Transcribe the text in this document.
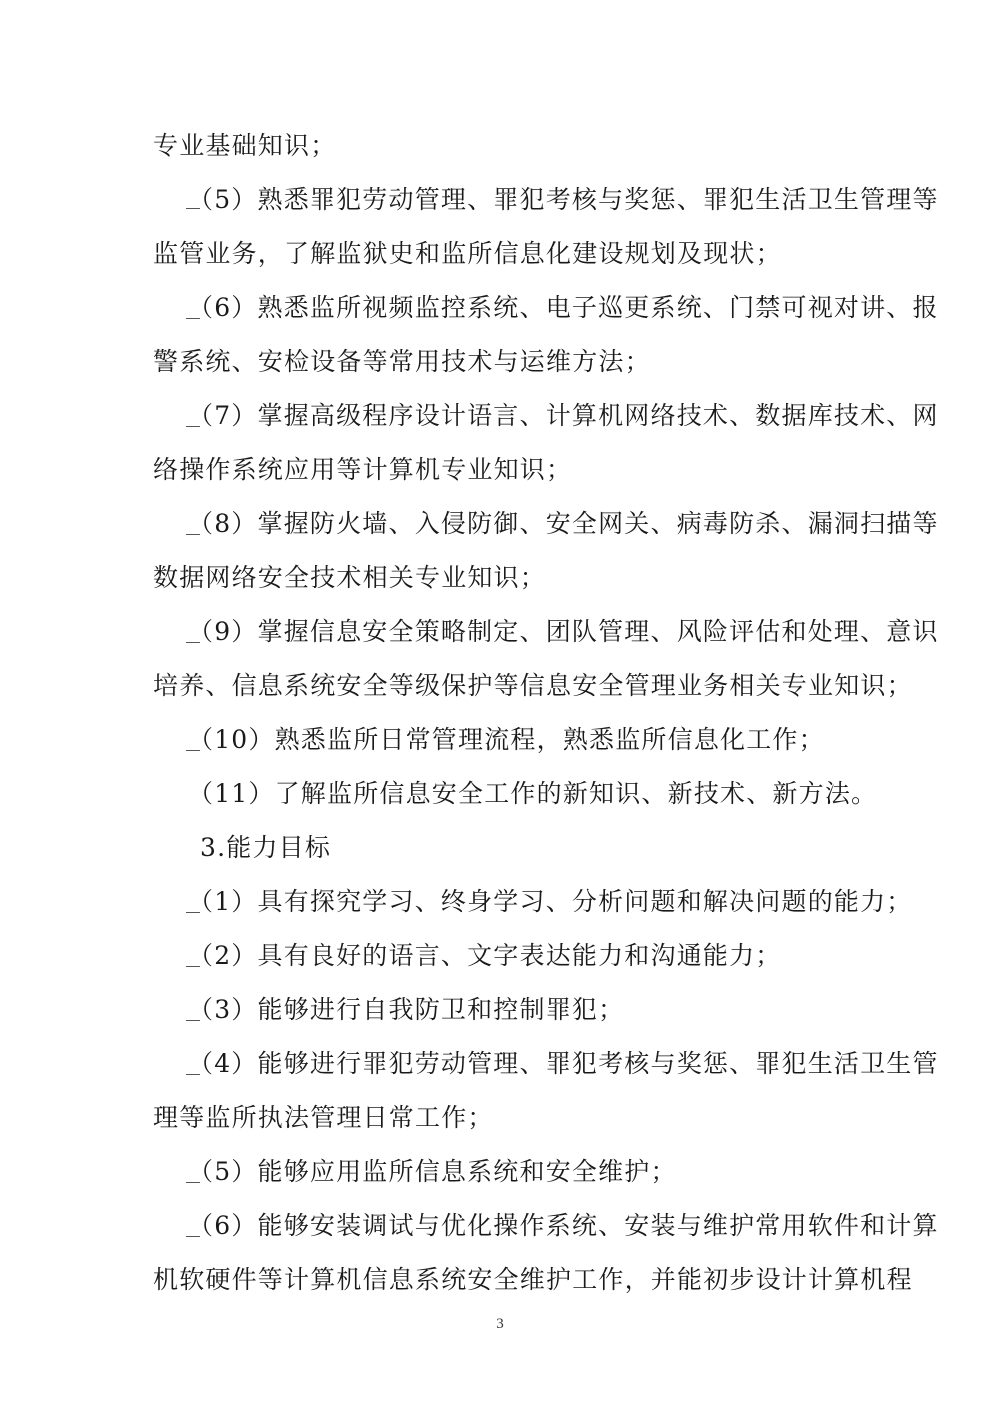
专业基础知识；
（5）熟悉罪犯劳动管理、罪犯考核与奖惩、罪犯生活卫生管理等
监管业务，了解监狱史和监所信息化建设规划及现状；
（6）熟悉监所视频监控系统、电子巡更系统、门禁可视对讲、报
警系统、安检设备等常用技术与运维方法；
（7）掌握高级程序设计语言、计算机网络技术、数据库技术、网
络操作系统应用等计算机专业知识；
（8）掌握防火墙、入侵防御、安全网关、病毒防杀、漏洞扫描等
数据网络安全技术相关专业知识；
（9）掌握信息安全策略制定、团队管理、风险评估和处理、意识
培养、信息系统安全等级保护等信息安全管理业务相关专业知识；
（10）熟悉监所日常管理流程，熟悉监所信息化工作；
（11）了解监所信息安全工作的新知识、新技术、新方法。
3.能力目标
（1）具有探究学习、终身学习、分析问题和解决问题的能力；
（2）具有良好的语言、文字表达能力和沟通能力；
（3）能够进行自我防卫和控制罪犯；
（4）能够进行罪犯劳动管理、罪犯考核与奖惩、罪犯生活卫生管
理等监所执法管理日常工作；
（5）能够应用监所信息系统和安全维护；
（6）能够安装调试与优化操作系统、安装与维护常用软件和计算
机软硬件等计算机信息系统安全维护工作，并能初步设计计算机程
3
